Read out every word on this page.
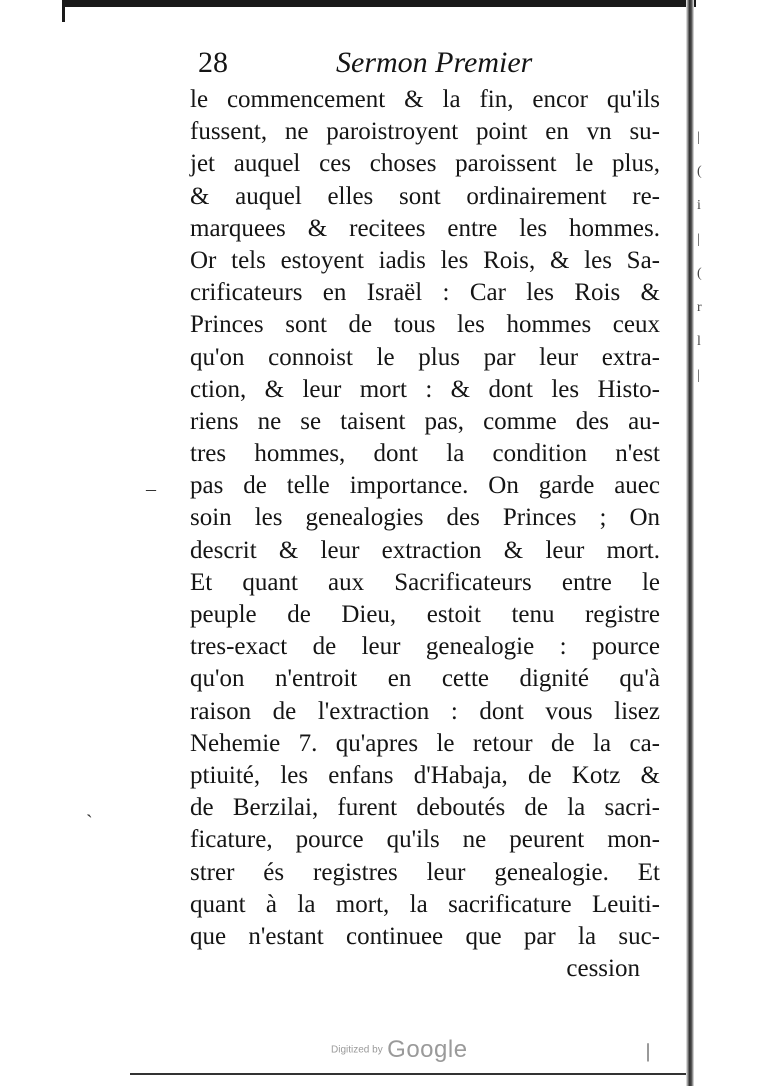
28	Sermon Premier
le commencement & la fin, encor qu'ils
fussent, ne paroistroyent point en vn su-
jet auquel ces choses paroissent le plus,
& auquel elles sont ordinairement re-
marquees & recitees entre les hommes.
Or tels estoyent iadis les Rois, & les Sa-
crificateurs en Israël : Car les Rois &
Princes sont de tous les hommes ceux
qu'on connoist le plus par leur extra-
ction, & leur mort : & dont les Histo-
riens ne se taisent pas, comme des au-
tres hommes, dont la condition n'est
pas de telle importance. On garde auec
soin les genealogies des Princes ; On
descrit & leur extraction & leur mort.
Et quant aux Sacrificateurs entre le
peuple de Dieu, estoit tenu registre
tres-exact de leur genealogie : pource
qu'on n'entroit en cette dignité qu'à
raison de l'extraction : dont vous lisez
Nehemie 7. qu'apres le retour de la ca-
ptiuité, les enfans d'Habaja, de Kotz &
de Berzilai, furent deboutés de la sacri-
ficature, pource qu'ils ne peurent mon-
strer és registres leur genealogie. Et
quant à la mort, la sacrificature Leuiti-
que n'estant continuee que par la suc-
cession
|
(
i
|
(
r
l
|
–
ˎ
|
Digitized by Google
